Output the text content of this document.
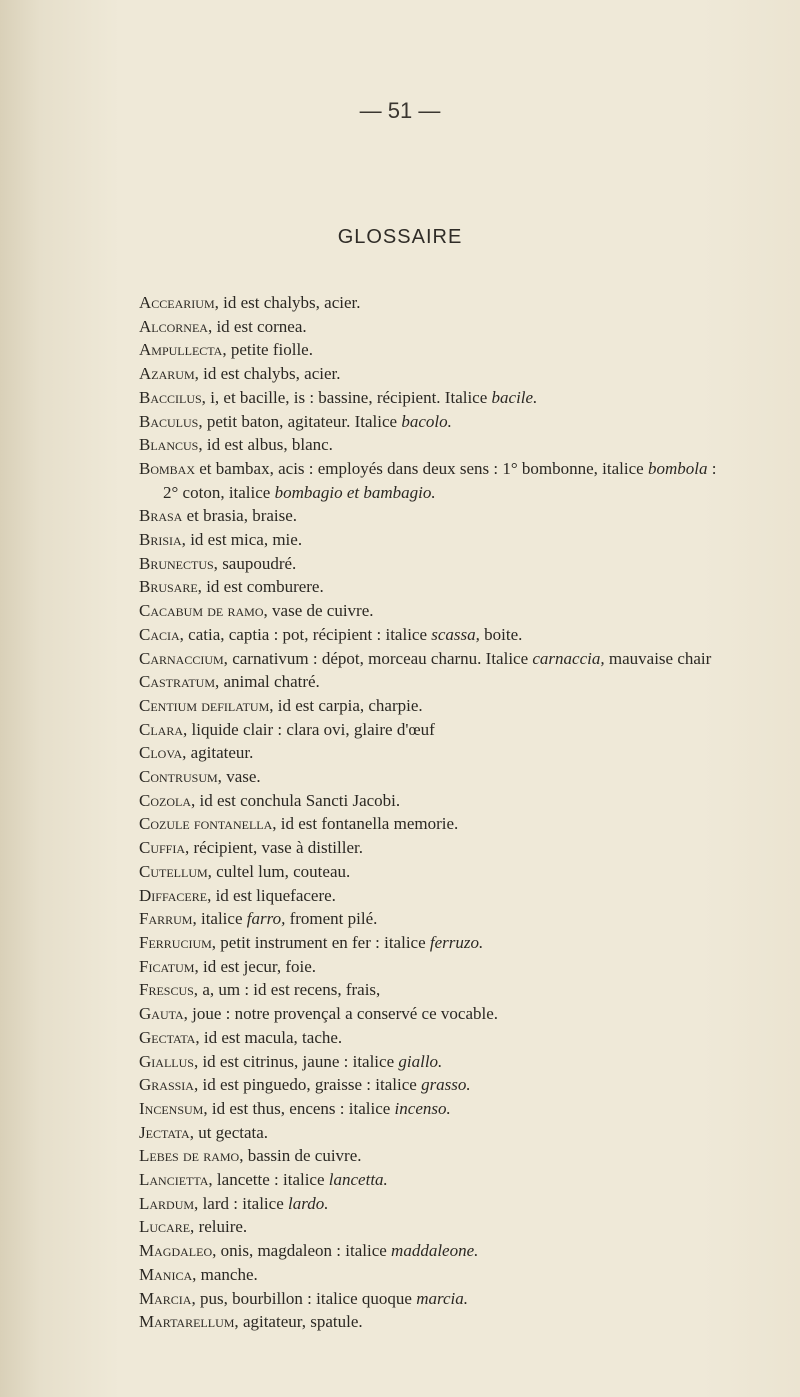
— 51 —
GLOSSAIRE
Accearium, id est chalybs, acier.
Alcornea, id est cornea.
Ampullecta, petite fiolle.
Azarum, id est chalybs, acier.
Baccilus, i, et bacille, is : bassine, récipient. Italice bacile.
Baculus, petit baton, agitateur. Italice bacolo.
Blancus, id est albus, blanc.
Bombax et bambax, acis : employés dans deux sens : 1° bombonne, italice bombola :
2° coton, italice bombagio et bambagio.
Brasa et brasia, braise.
Brisia, id est mica, mie.
Brunectus, saupoudré.
Brusare, id est comburere.
Cacabum de ramo, vase de cuivre.
Cacia, catia, captia : pot, récipient : italice scassa, boite.
Carnaccium, carnativum : dépot, morceau charnu. Italice carnaccia, mauvaise chair
Castratum, animal chatré.
Centium defilatum, id est carpia, charpie.
Clara, liquide clair : clara ovi, glaire d'œuf
Clova, agitateur.
Contrusum, vase.
Cozola, id est conchula Sancti Jacobi.
Cozule fontanella, id est fontanella memorie.
Cuffia, récipient, vase à distiller.
Cutellum, cultel lum, couteau.
Diffacere, id est liquefacere.
Farrum, italice farro, froment pilé.
Ferrucium, petit instrument en fer : italice ferruzo.
Ficatum, id est jecur, foie.
Frescus, a, um : id est recens, frais,
Gauta, joue : notre provençal a conservé ce vocable.
Gectata, id est macula, tache.
Giallus, id est citrinus, jaune : italice giallo.
Grassia, id est pinguedo, graisse : italice grasso.
Incensum, id est thus, encens : italice incenso.
Jectata, ut gectata.
Lebes de ramo, bassin de cuivre.
Lancietta, lancette : italice lancetta.
Lardum, lard : italice lardo.
Lucare, reluire.
Magdaleo, onis, magdaleon : italice maddaleone.
Manica, manche.
Marcia, pus, bourbillon : italice quoque marcia.
Martarellum, agitateur, spatule.
